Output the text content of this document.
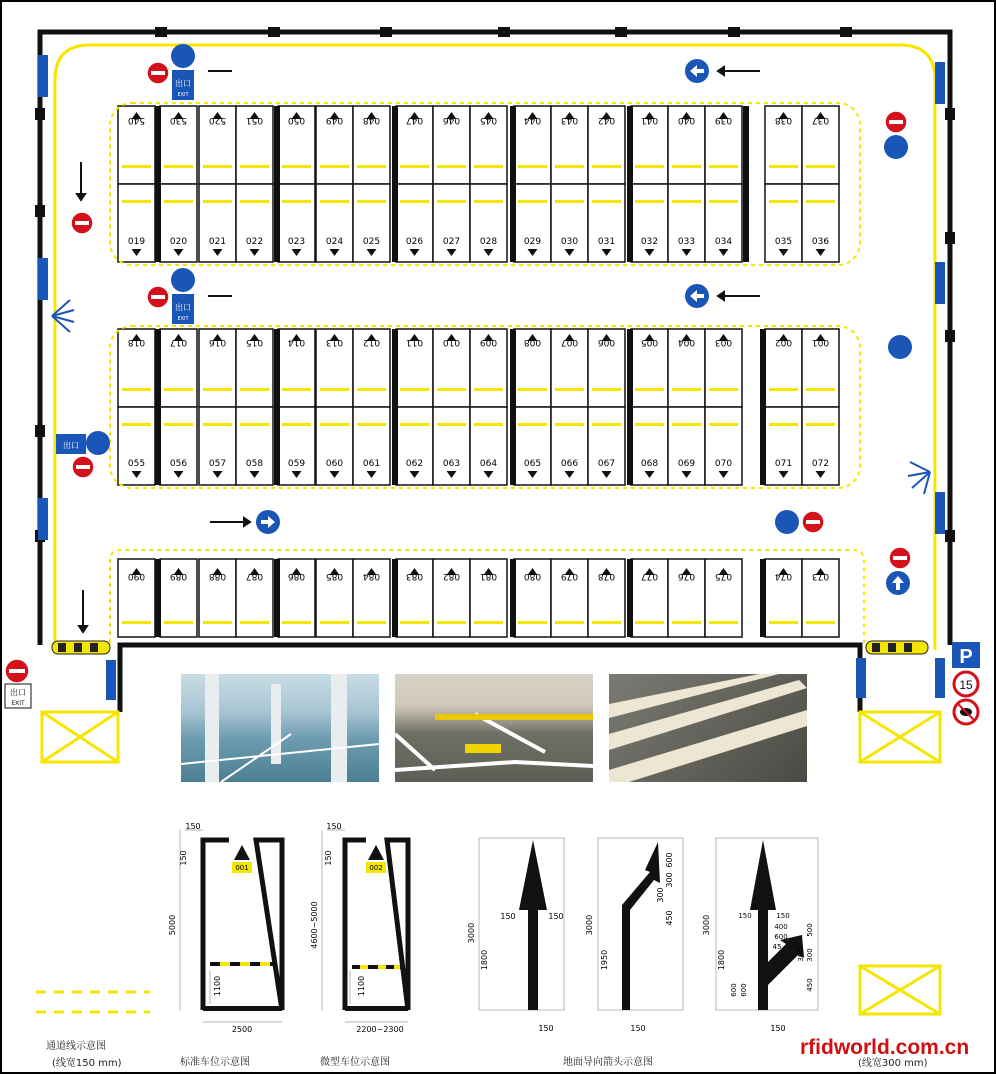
540	530 520 051	050 049 048	047 046 045	044 043 042	041 040 039	038 037
019	020 021 022	023 024 025	026 027 028	029 030 031	032 033 034	035 036
018	017 016 015	014 013 012	011 010 009	008 007 006	005 004 003	002 001
055	056 057 058	059 060 061	062 063 064	065 066 067	068 069 070	071 072
090	089 088 087	086 085 084	083 082 081	080 079 078	077 076 075	074 073
出口
EXIT
出口
EXIT
出口
出口
EXIT
P
15
001
150
150
5000
1100
2500
002
150
150
4600~5000
1100
2200~2300
150	150
3000
1800
150
3000
1950
600
300
300
450
150
3000
1800
150	150
400
600
45
500
300 300
450
600 600
150
通道线示意图
(线宽150 mm)	标准车位示意图	微型车位示意图	地面导向箭头示意图	(线宽300 mm)
rfidworld.com.cn
